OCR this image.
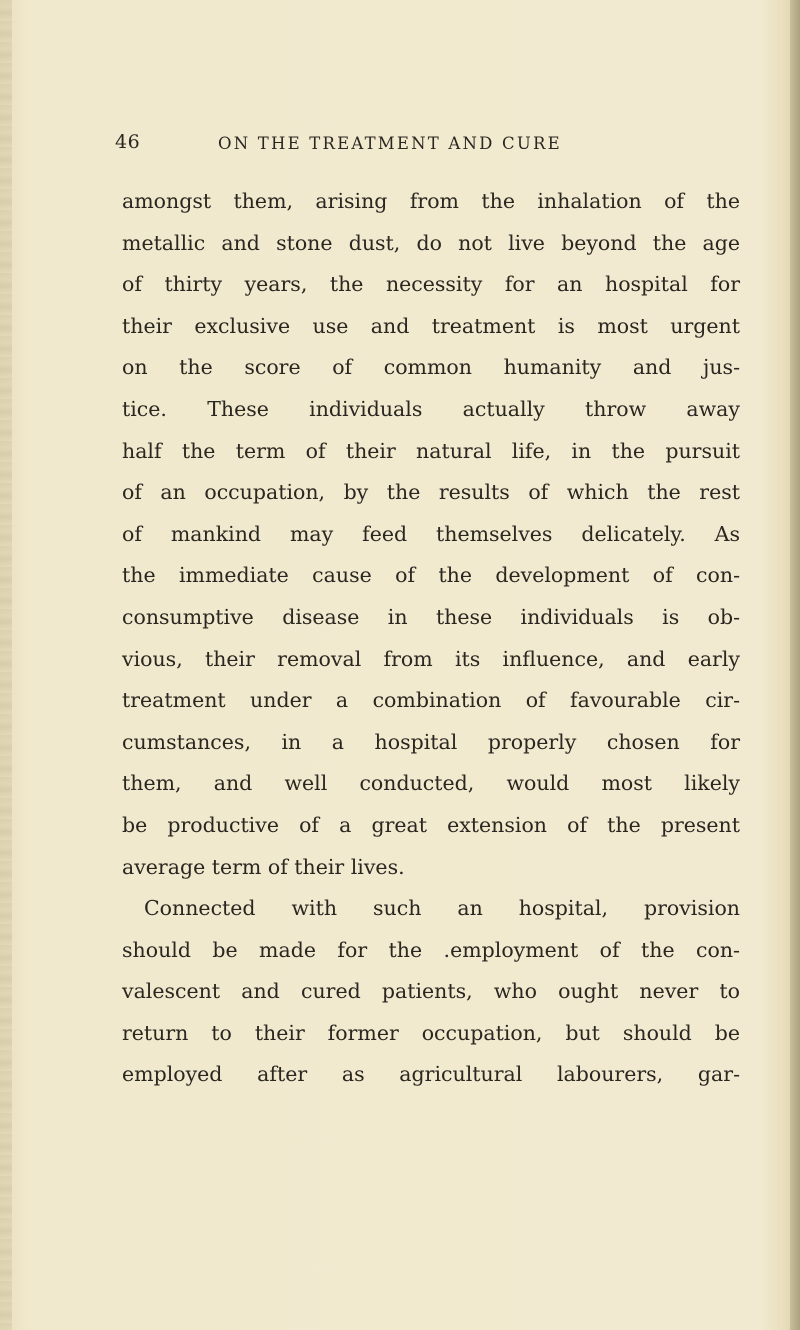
46	ON THE TREATMENT AND CURE
amongst them, arising from the inhalation of the
metallic and stone dust, do not live beyond the age
of thirty years, the necessity for an hospital for
their exclusive use and treatment is most urgent
on the score of common humanity and jus-
tice. These individuals actually throw away
half the term of their natural life, in the pursuit
of an occupation, by the results of which the rest
of mankind may feed themselves delicately. As
the immediate cause of the development of con-
consumptive disease in these individuals is ob-
vious, their removal from its influence, and early
treatment under a combination of favourable cir-
cumstances, in a hospital properly chosen for
them, and well conducted, would most likely
be productive of a great extension of the present
average term of their lives.
Connected with such an hospital, provision
should be made for the .employment of the con-
valescent and cured patients, who ought never to
return to their former occupation, but should be
employed after as agricultural labourers, gar-
